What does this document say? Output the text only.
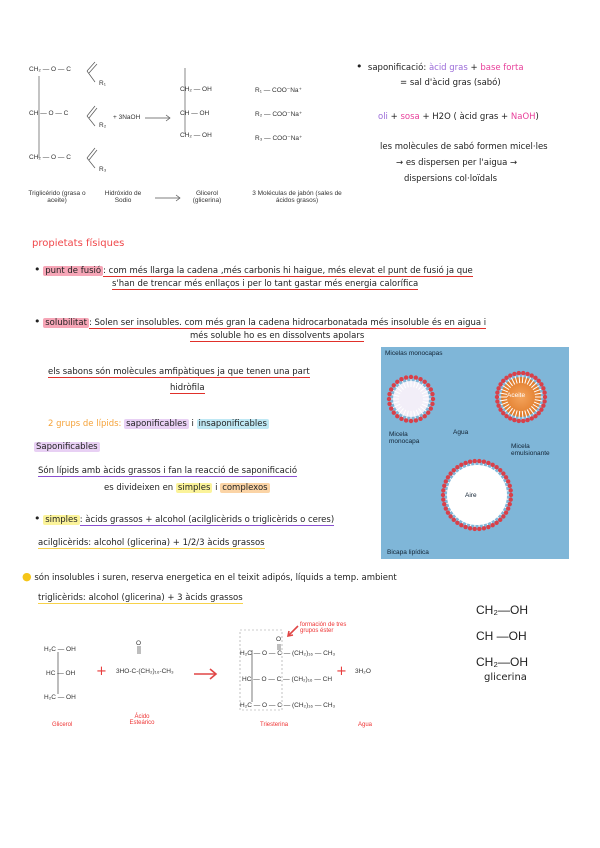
CH₂ — O — C
CH — O — C
CH₂ — O — C
R₁
R₂
R₃
+ 3NaOH
CH₂ — OH
CH — OH
CH₂ — OH
R₁ — COO⁻Na⁺
R₂ — COO⁻Na⁺
R₃ — COO⁻Na⁺
Triglicérido (grasa o aceite)
Hidróxido de Sodio
Glicerol (glicerina)
3 Moléculas de jabón (sales de ácidos grasos)
• saponificació: àcid gras + base forta
= sal d'àcid gras (sabó)
oli + sosa + H2O ( àcid gras + NaOH)
les molècules de sabó formen micel·les
→ es dispersen per l'aigua →
dispersions col·loïdals
propietats físiques
• punt de fusió : com més llarga la cadena ,més carbonis hi haigue, més elevat el punt de fusió ja que
s'han de trencar més enllaços i per lo tant gastar més energia calorífica
• solubilitat : Solen ser insolubles. com més gran la cadena hidrocarbonatada més insoluble és en aigua i
més soluble ho es en dissolvents apolars
els sabons són molècules amfipàtiques ja que tenen una part
hidròfila
Micelas monocapas
Aceite
Agua
Micela monocapa
Micela emulsionante
Aire
Bicapa lipídica
2 grups de lípids: saponificables i insaponificables
Saponificables
Són lípids amb àcids grassos i fan la reacció de saponificació
es divideixen en simples i complexos
• simples : àcids grassos + alcohol (acilglicèrids o triglicèrids o ceres)
acilglicèrids: alcohol (glicerina) + 1/2/3 àcids grassos
● són insolubles i suren, reserva energetica en el teixit adipós, líquids a temp. ambient
triglicèrids: alcohol (glicerina) + 3 àcids grassos
CH₂—OH
CH —OH
CH₂—OH
glicerina
H₂C — OH
HC — OH
H₂C — OH
+
O
3HO-C-(CH₂)₁₆-CH₃
O
H₂C — O — C — (CH₂)₁₆ — CH₃
HC — O — C — (CH₂)₁₆ — CH
H₂C — O — C — (CH₂)₁₆ — CH₃
+ 3H₂O
formación de tres grupos éster
Glicerol
Ácido Esteárico	Triesterina	Agua
